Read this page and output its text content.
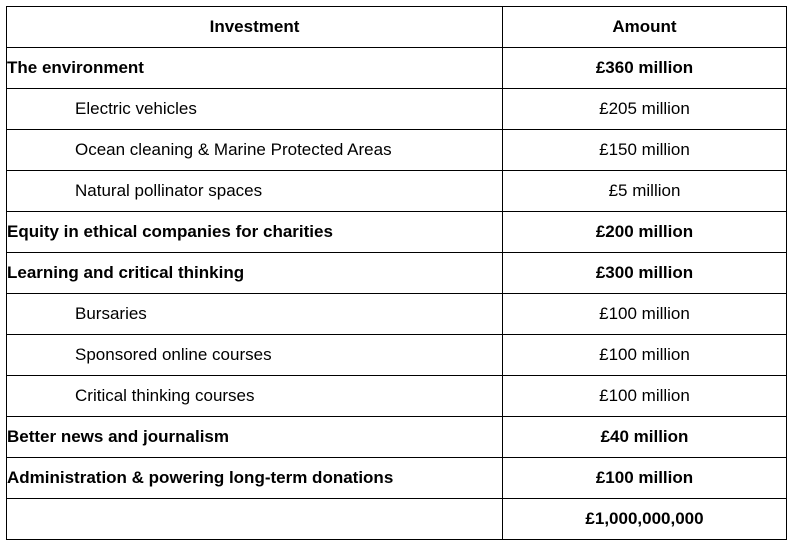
Investment	Amount
The environment	£360 million
Electric vehicles	£205 million
Ocean cleaning & Marine Protected Areas	£150 million
Natural pollinator spaces	£5 million
Equity in ethical companies for charities	£200 million
Learning and critical thinking	£300 million
Bursaries	£100 million
Sponsored online courses	£100 million
Critical thinking courses	£100 million
Better news and journalism	£40 million
Administration & powering long-term donations	£100 million
	£1,000,000,000
